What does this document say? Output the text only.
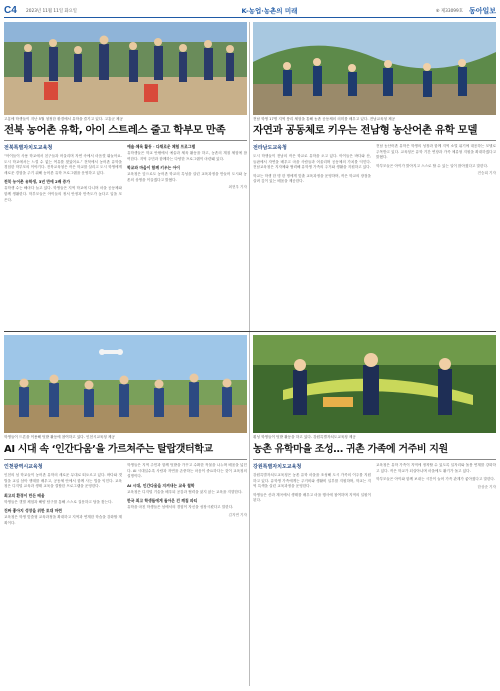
C4	2023년 11월 11일 화요일	K-농업·농촌의 미래	⑥ 제33099호 동아일보
고흥에 학생들이 지난 5월 청정한 환경에서 유학을 즐기고 있다. 고흥군 제공
전북 농어촌 유학, 아이 스트레스 줄고 학부모 만족
전북특별자치도교육청
“아이들이 사용 학교에서 친구들과 어울리며 자연 속에서 마음껏 뛰놀아요. 도시 학교에서는 느낄 수 없는 여유를 찾았어요.” 전북에서 농어촌 유학을 경험한 학부모의 이야기다. 전북교육청은 작은 학교를 살리고 도시 학생에게 새로운 경험을 주기 위해 농어촌 유학 프로그램을 운영하고 있다.
전북 농어촌 유학생, 3년 만에 2배 증가
유학생 수는 해마다 늘고 있다. 학생들은 지역 학교에 다니며 마을 공동체와 함께 생활한다. 학부모들은 아이들의 정서 안정과 만족도가 높다고 입을 모은다.
예술·체육 활동 · 다채로운 체험 프로그램
유학생들은 학교 안팎에서 예술과 체육 활동을 하고, 농촌의 계절 체험에 참여한다. 지역 주민과 함께하는 다양한 프로그램이 마련돼 있다.
학교와 마을이 함께 키우는 아이
교육청은 앞으로도 농어촌 학교의 특성을 살린 교육과정을 만들어 도시와 농촌의 상생을 이끌겠다고 밝혔다.
최현우 기자
전남 학생 17명 지역 풍리 체험을 통해 농촌 공동체의 의미를 배우고 있다. 전남교육청 제공
자연과 공동체로 키우는 전남형 농산어촌 유학 모델
전라남도교육청
도시 학생들이 전남의 작은 학교로 유학을 오고 있다. 아이들은 바다와 산, 들판에서 자연을 배우고 마을 사람들과 어울리며 공동체의 가치를 익힌다. 전남교육청은 지자체와 협력해 유학생 가족의 주거와 생활을 지원하고 있다.
학교는 학생 한 명 한 명에게 맞춘 교육과정을 운영하며, 작은 학교의 장점을 살려 깊이 있는 배움을 제공한다.
전남 농산어촌 유학은 학생의 성장과 함께 지역 소멸 위기에 대응하는 모델로 주목받고 있다. 교육청은 유학 기간 연장과 가족 체류형 지원을 확대하겠다고 밝혔다.
학부모들은 아이가 밝아지고 스스로 할 수 있는 일이 많아졌다고 말한다.
전승희 기자
학생들이 드론을 이용해 텃밭 활동에 참여하고 있다. 인천시교육청 제공
AI 시대 속 ‘인간다움’을 가르쳐주는 탈랍갯터학교
인천광역시교육청
인천의 섬 학교들이 농어촌 유학의 새로운 무대로 떠오르고 있다. 바다와 갯벌을 교실 삼아 생태를 배우고, 공동체 안에서 함께 사는 법을 익힌다. 교육청은 디지털 교육과 생태 교육을 결합한 프로그램을 운영한다.
최고의 환경이 만든 배움
학생들은 갯벌 체험과 해양 탐구를 통해 스스로 질문하고 답을 찾는다.
진짜 좋아지 성장을 위한 토대 마련
교육청은 학생 맞춤형 교육과정을 확대하고 지역과 연계한 학습을 강화할 계획이다.
학생들은 지역 주민과 함께 텃밭을 가꾸고 수확한 작물을 나누며 배움을 넓힌다. AI 시대일수록 사람과 자연을 존중하는 마음이 중요하다는 것이 교육청의 설명이다.
AI 시대, 인간다움을 지켜내는 교육 철학
교육청은 디지털 기술을 배우되 공감과 협력을 잃지 않는 교육을 지향한다.
한국 최고 학생들에게 돌아온 건 깨침 파티
유학을 마친 학생들은 섬에서의 경험이 자신을 성장시켰다고 말한다.
김지연 기자
횡성 학생들이 텃밭 활동을 하고 있다. 강원특별자치도교육청 제공
농촌 유학마을 조성… 귀촌 가족에 거주비 지원
강원특별자치도교육청
강원특별자치도교육청은 농촌 유학 마을을 조성해 도시 가족의 이주를 지원하고 있다. 유학생 가족에게는 주거비와 생활비 일부를 지원하며, 학교는 지역 특색을 살린 교육과정을 운영한다.
학생들은 산과 계곡에서 생태를 배우고 마을 행사에 참여하며 지역의 일원이 된다.
교육청은 유학 가족이 지역에 정착할 수 있도록 일자리와 돌봄 연계를 강화하고 있다. 작은 학교가 되살아나며 마을에도 활기가 돌고 있다.
학부모들은 아이와 함께 보내는 시간이 늘어 가족 관계가 좋아졌다고 말한다.
한상준 기자
